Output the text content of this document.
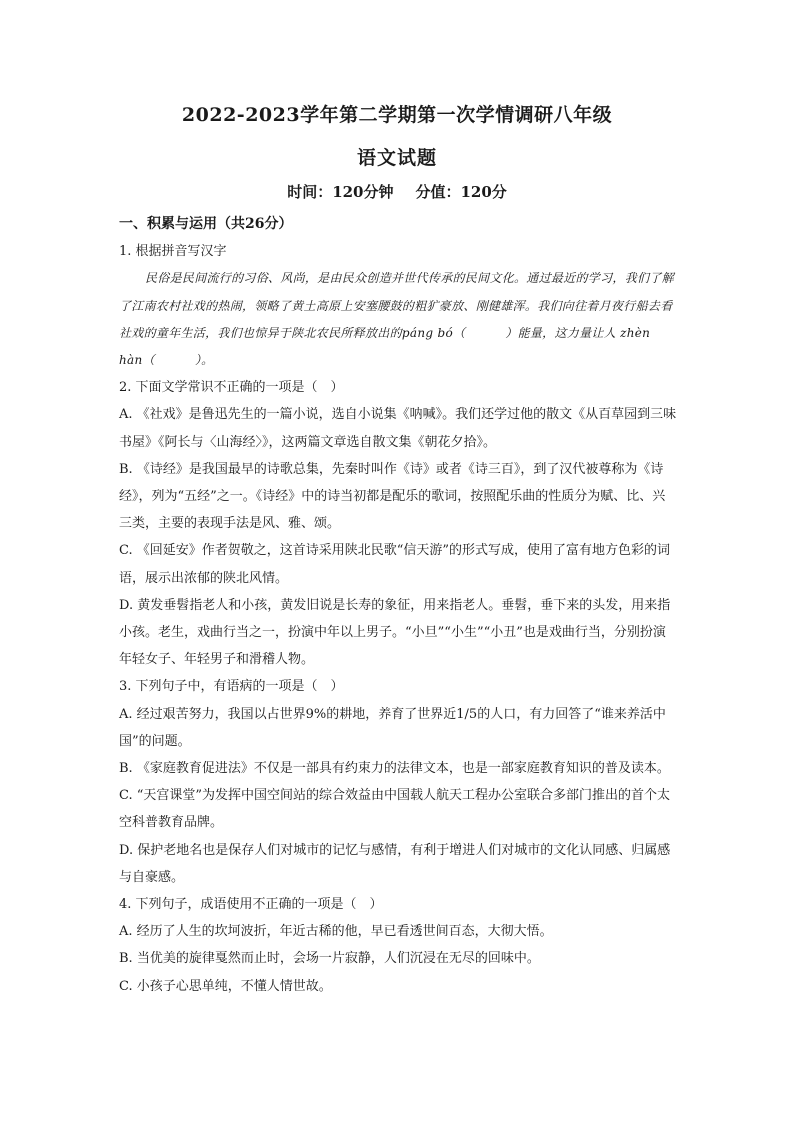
2022-2023学年第二学期第一次学情调研八年级
语文试题
时间：120分钟 分值：120分

一、积累与运用（共26分）

1. 根据拼音写汉字

民俗是民间流行的习俗、风尚，是由民众创造并世代传承的民间文化。通过最近的学习，我们了解了江南农村社戏的热闹，领略了黄土高原上安塞腰鼓的粗犷豪放、刚健雄浑。我们向往着月夜行船去看社戏的童年生活，我们也惊异于陕北农民所释放出的páng bó（	）能量，这力量让人 zhèn hàn（	）。

2. 下面文学常识不正确的一项是（　）

A. 《社戏》是鲁迅先生的一篇小说，选自小说集《呐喊》。我们还学过他的散文《从百草园到三味书屋》《阿长与〈山海经〉》，这两篇文章选自散文集《朝花夕拾》。

B. 《诗经》是我国最早的诗歌总集，先秦时叫作《诗》或者《诗三百》，到了汉代被尊称为《诗经》，列为“五经”之一。《诗经》中的诗当初都是配乐的歌词，按照配乐曲的性质分为赋、比、兴三类，主要的表现手法是风、雅、颂。

C. 《回延安》作者贺敬之，这首诗采用陕北民歌“信天游”的形式写成，使用了富有地方色彩的词语，展示出浓郁的陕北风情。

D. 黄发垂髫指老人和小孩，黄发旧说是长寿的象征，用来指老人。垂髫，垂下来的头发，用来指小孩。老生，戏曲行当之一，扮演中年以上男子。“小旦”“小生”“小丑”也是戏曲行当，分别扮演年轻女子、年轻男子和滑稽人物。

3. 下列句子中，有语病的一项是（　）

A. 经过艰苦努力，我国以占世界9%的耕地，养育了世界近1/5的人口，有力回答了“谁来养活中国”的问题。

B. 《家庭教育促进法》不仅是一部具有约束力的法律文本，也是一部家庭教育知识的普及读本。

C. “天宫课堂”为发挥中国空间站的综合效益由中国载人航天工程办公室联合多部门推出的首个太空科普教育品牌。

D. 保护老地名也是保存人们对城市的记忆与感情，有利于增进人们对城市的文化认同感、归属感与自豪感。

4. 下列句子，成语使用不正确的一项是（　）

A. 经历了人生的坎坷波折，年近古稀的他，早已看透世间百态，大彻大悟。

B. 当优美的旋律戛然而止时，会场一片寂静，人们沉浸在无尽的回味中。

C. 小孩子心思单纯，不懂人情世故。
